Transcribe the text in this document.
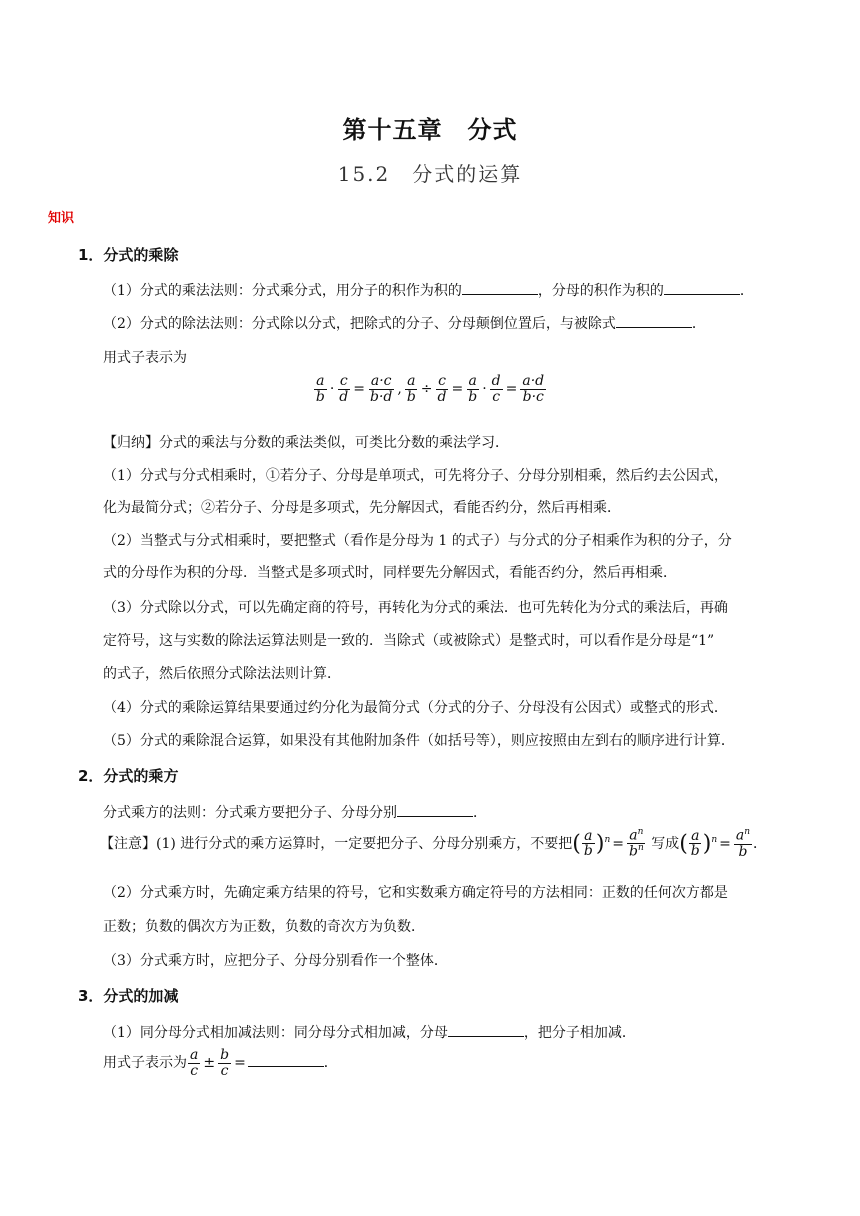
第十五章　分式
15.2　分式的运算
知识
1．分式的乘除
（1）分式的乘法法则：分式乘分式，用分子的积作为积的	，分母的积作为积的	．
（2）分式的除法法则：分式除以分式，把除式的分子、分母颠倒位置后，与被除式	．
用式子表示为
$\frac{a}{b} \cdot \frac{c}{d} = \frac{a\cdot c}{b\cdot d}$ , $\frac{a}{b} \div \frac{c}{d} = \frac{a}{b} \cdot \frac{d}{c} = \frac{a\cdot d}{b\cdot c}$
【归纳】分式的乘法与分数的乘法类似，可类比分数的乘法学习．
（1）分式与分式相乘时，①若分子、分母是单项式，可先将分子、分母分别相乘，然后约去公因式，
化为最简分式；②若分子、分母是多项式，先分解因式，看能否约分，然后再相乘．
（2）当整式与分式相乘时，要把整式（看作是分母为 1 的式子）与分式的分子相乘作为积的分子，分
式的分母作为积的分母．当整式是多项式时，同样要先分解因式，看能否约分，然后再相乘．
（3）分式除以分式，可以先确定商的符号，再转化为分式的乘法．也可先转化为分式的乘法后，再确
定符号，这与实数的除法运算法则是一致的．当除式（或被除式）是整式时，可以看作是分母是“1”
的式子，然后依照分式除法法则计算．
（4）分式的乘除运算结果要通过约分化为最简分式（分式的分子、分母没有公因式）或整式的形式．
（5）分式的乘除混合运算，如果没有其他附加条件（如括号等），则应按照由左到右的顺序进行计算．
2．分式的乘方
分式乘方的法则：分式乘方要把分子、分母分别	．
【注意】(1) 进行分式的乘方运算时，一定要把分子、分母分别乘方，不要把( $\frac{a}{b} )^n = \frac{a^n}{b^n}$ 写成( $\frac{a}{b} )^n = \frac{a^n}{b}$ ．
（2）分式乘方时，先确定乘方结果的符号，它和实数乘方确定符号的方法相同：正数的任何次方都是
正数；负数的偶次方为正数，负数的奇次方为负数．
（3）分式乘方时，应把分子、分母分别看作一个整体．
3．分式的加减
（1）同分母分式相加减法则：同分母分式相加减，分母	，把分子相加减．
用式子表示为 $\frac{a}{c} \pm \frac{b}{c}$ =	．
